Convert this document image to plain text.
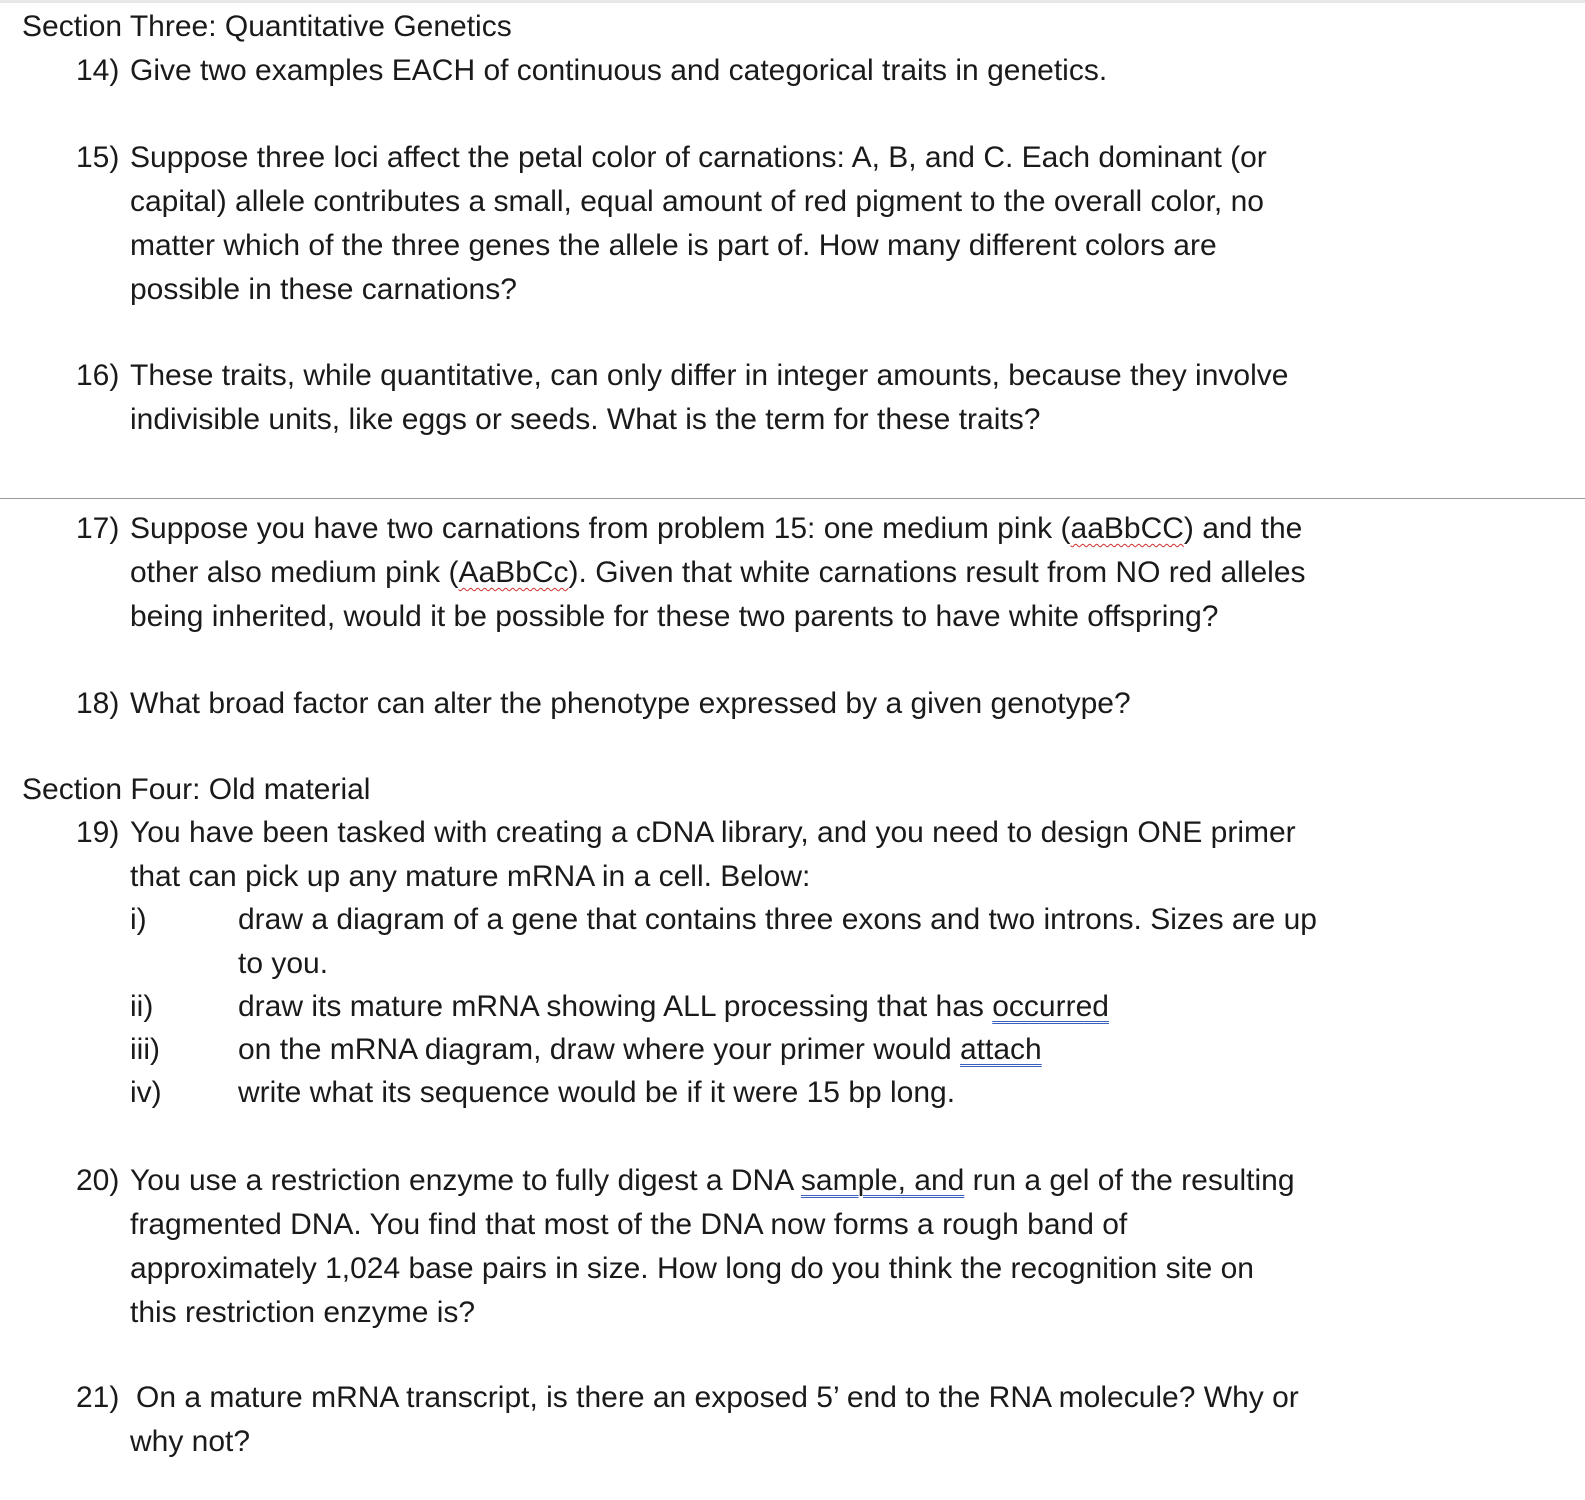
Section Three: Quantitative Genetics
14) Give two examples EACH of continuous and categorical traits in genetics.
15) Suppose three loci affect the petal color of carnations: A, B, and C. Each dominant (or
capital) allele contributes a small, equal amount of red pigment to the overall color, no
matter which of the three genes the allele is part of. How many different colors are
possible in these carnations?
16) These traits, while quantitative, can only differ in integer amounts, because they involve
indivisible units, like eggs or seeds. What is the term for these traits?
17) Suppose you have two carnations from problem 15: one medium pink (aaBbCC) and the
other also medium pink (AaBbCc). Given that white carnations result from NO red alleles
being inherited, would it be possible for these two parents to have white offspring?
18) What broad factor can alter the phenotype expressed by a given genotype?
Section Four: Old material
19) You have been tasked with creating a cDNA library, and you need to design ONE primer
that can pick up any mature mRNA in a cell. Below:
i)	draw a diagram of a gene that contains three exons and two introns. Sizes are up
to you.
ii)	draw its mature mRNA showing ALL processing that has occurred
iii)	on the mRNA diagram, draw where your primer would attach
iv)	write what its sequence would be if it were 15 bp long.
20) You use a restriction enzyme to fully digest a DNA sample, and run a gel of the resulting
fragmented DNA. You find that most of the DNA now forms a rough band of
approximately 1,024 base pairs in size. How long do you think the recognition site on
this restriction enzyme is?
21) On a mature mRNA transcript, is there an exposed 5’ end to the RNA molecule? Why or
why not?
